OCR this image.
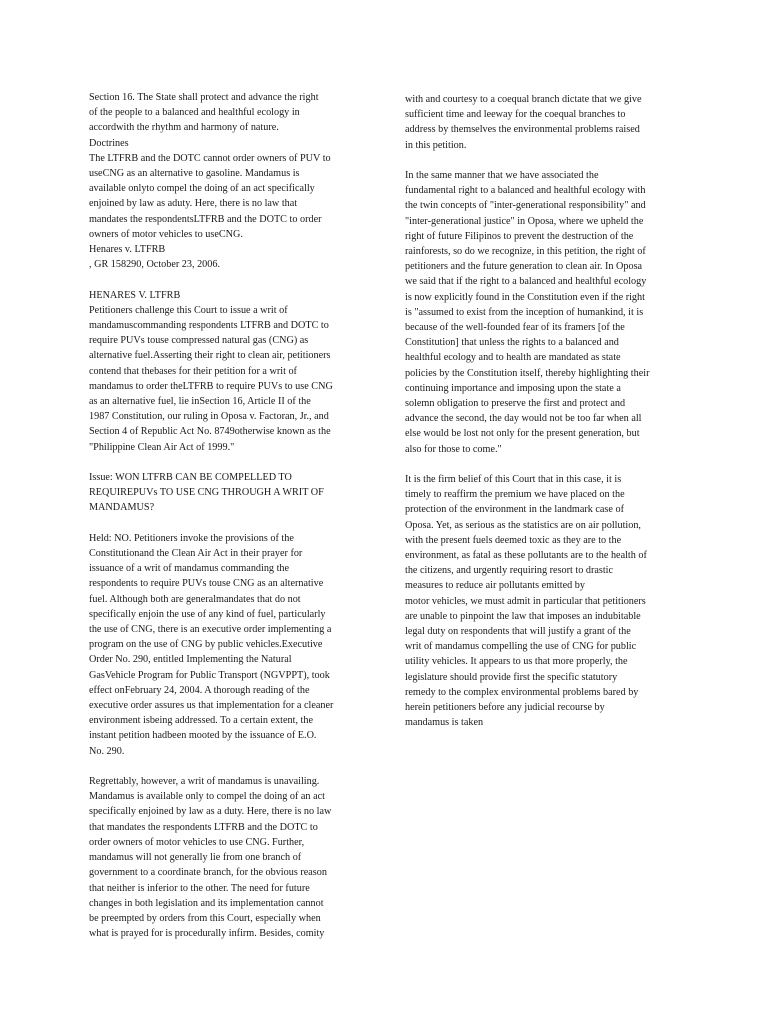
Section 16. The State shall protect and advance the right
of the people to a balanced and healthful ecology in
accordwith the rhythm and harmony of nature.
Doctrines
The LTFRB and the DOTC cannot order owners of PUV to
useCNG as an alternative to gasoline. Mandamus is
available onlyto compel the doing of an act specifically
enjoined by law as aduty. Here, there is no law that
mandates the respondentsLTFRB and the DOTC to order
owners of motor vehicles to useCNG.
Henares v. LTFRB
, GR 158290, October 23, 2006.
HENARES V. LTFRB
Petitioners challenge this Court to issue a writ of
mandamuscommanding respondents LTFRB and DOTC to
require PUVs touse compressed natural gas (CNG) as
alternative fuel.Asserting their right to clean air, petitioners
contend that thebases for their petition for a writ of
mandamus to order theLTFRB to require PUVs to use CNG
as an alternative fuel, lie inSection 16, Article II of the
1987 Constitution, our ruling in Oposa v. Factoran, Jr., and
Section 4 of Republic Act No. 8749otherwise known as the
"Philippine Clean Air Act of 1999."
Issue: WON LTFRB CAN BE COMPELLED TO
REQUIREPUVs TO USE CNG THROUGH A WRIT OF
MANDAMUS?
Held: NO. Petitioners invoke the provisions of the
Constitutionand the Clean Air Act in their prayer for
issuance of a writ of mandamus commanding the
respondents to require PUVs touse CNG as an alternative
fuel. Although both are generalmandates that do not
specifically enjoin the use of any kind of fuel, particularly
the use of CNG, there is an executive order implementing a
program on the use of CNG by public vehicles.Executive
Order No. 290, entitled Implementing the Natural
GasVehicle Program for Public Transport (NGVPPT), took
effect onFebruary 24, 2004. A thorough reading of the
executive order assures us that implementation for a cleaner
environment isbeing addressed. To a certain extent, the
instant petition hadbeen mooted by the issuance of E.O.
No. 290.
Regrettably, however, a writ of mandamus is unavailing.
Mandamus is available only to compel the doing of an act
specifically enjoined by law as a duty. Here, there is no law
that mandates the respondents LTFRB and the DOTC to
order owners of motor vehicles to use CNG. Further,
mandamus will not generally lie from one branch of
government to a coordinate branch, for the obvious reason
that neither is inferior to the other. The need for future
changes in both legislation and its implementation cannot
be preempted by orders from this Court, especially when
what is prayed for is procedurally infirm. Besides, comity
with and courtesy to a coequal branch dictate that we give
sufficient time and leeway for the coequal branches to
address by themselves the environmental problems raised
in this petition.
In the same manner that we have associated the
fundamental right to a balanced and healthful ecology with
the twin concepts of "inter-generational responsibility" and
"inter-generational justice" in Oposa, where we upheld the
right of future Filipinos to prevent the destruction of the
rainforests, so do we recognize, in this petition, the right of
petitioners and the future generation to clean air. In Oposa
we said that if the right to a balanced and healthful ecology
is now explicitly found in the Constitution even if the right
is "assumed to exist from the inception of humankind, it is
because of the well-founded fear of its framers [of the
Constitution] that unless the rights to a balanced and
healthful ecology and to health are mandated as state
policies by the Constitution itself, thereby highlighting their
continuing importance and imposing upon the state a
solemn obligation to preserve the first and protect and
advance the second, the day would not be too far when all
else would be lost not only for the present generation, but
also for those to come."
It is the firm belief of this Court that in this case, it is
timely to reaffirm the premium we have placed on the
protection of the environment in the landmark case of
Oposa. Yet, as serious as the statistics are on air pollution,
with the present fuels deemed toxic as they are to the
environment, as fatal as these pollutants are to the health of
the citizens, and urgently requiring resort to drastic
measures to reduce air pollutants emitted by
motor vehicles, we must admit in particular that petitioners
are unable to pinpoint the law that imposes an indubitable
legal duty on respondents that will justify a grant of the
writ of mandamus compelling the use of CNG for public
utility vehicles. It appears to us that more properly, the
legislature should provide first the specific statutory
remedy to the complex environmental problems bared by
herein petitioners before any judicial recourse by
mandamus is taken
